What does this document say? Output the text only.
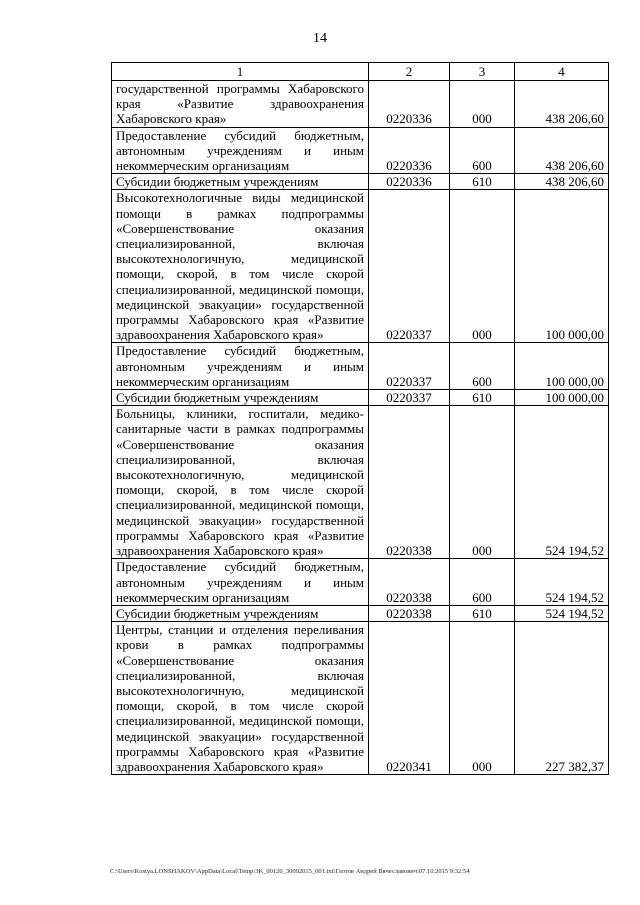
14
1	2	3	4
государственной программы Хабаровского края «Развитие здравоохранения Хабаровского края»	0220336	000	438 206,60
Предоставление субсидий бюджетным, автономным учреждениям и иным некоммерческим организациям	0220336	600	438 206,60
Субсидии бюджетным учреждениям	0220336	610	438 206,60
Высокотехнологичные виды медицинской помощи в рамках подпрограммы «Совершенствование оказания специализированной, включая высокотехнологичную, медицинской помощи, скорой, в том числе скорой специализированной, медицинской помощи, медицинской эвакуации» государственной программы Хабаровского края «Развитие здравоохранения Хабаровского края»	0220337	000	100 000,00
Предоставление субсидий бюджетным, автономным учреждениям и иным некоммерческим организациям	0220337	600	100 000,00
Субсидии бюджетным учреждениям	0220337	610	100 000,00
Больницы, клиники, госпитали, медико-санитарные части в рамках подпрограммы «Совершенствование оказания специализированной, включая высокотехнологичную, медицинской помощи, скорой, в том числе скорой специализированной, медицинской помощи, медицинской эвакуации» государственной программы Хабаровского края «Развитие здравоохранения Хабаровского края»	0220338	000	524 194,52
Предоставление субсидий бюджетным, автономным учреждениям и иным некоммерческим организациям	0220338	600	524 194,52
Субсидии бюджетным учреждениям	0220338	610	524 194,52
Центры, станции и отделения переливания крови в рамках подпрограммы «Совершенствование оказания специализированной, включая высокотехнологичную, медицинской помощи, скорой, в том числе скорой специализированной, медицинской помощи, медицинской эвакуации» государственной программы Хабаровского края «Развитие здравоохранения Хабаровского края»	0220341	000	227 382,37
C:\Users\Kostya.LONSHAKOV\AppData\Local\Temp\3K_00120_30092015_001.txt\Глотов Андрей Вячеславович\07.10.2015 9:32:54
